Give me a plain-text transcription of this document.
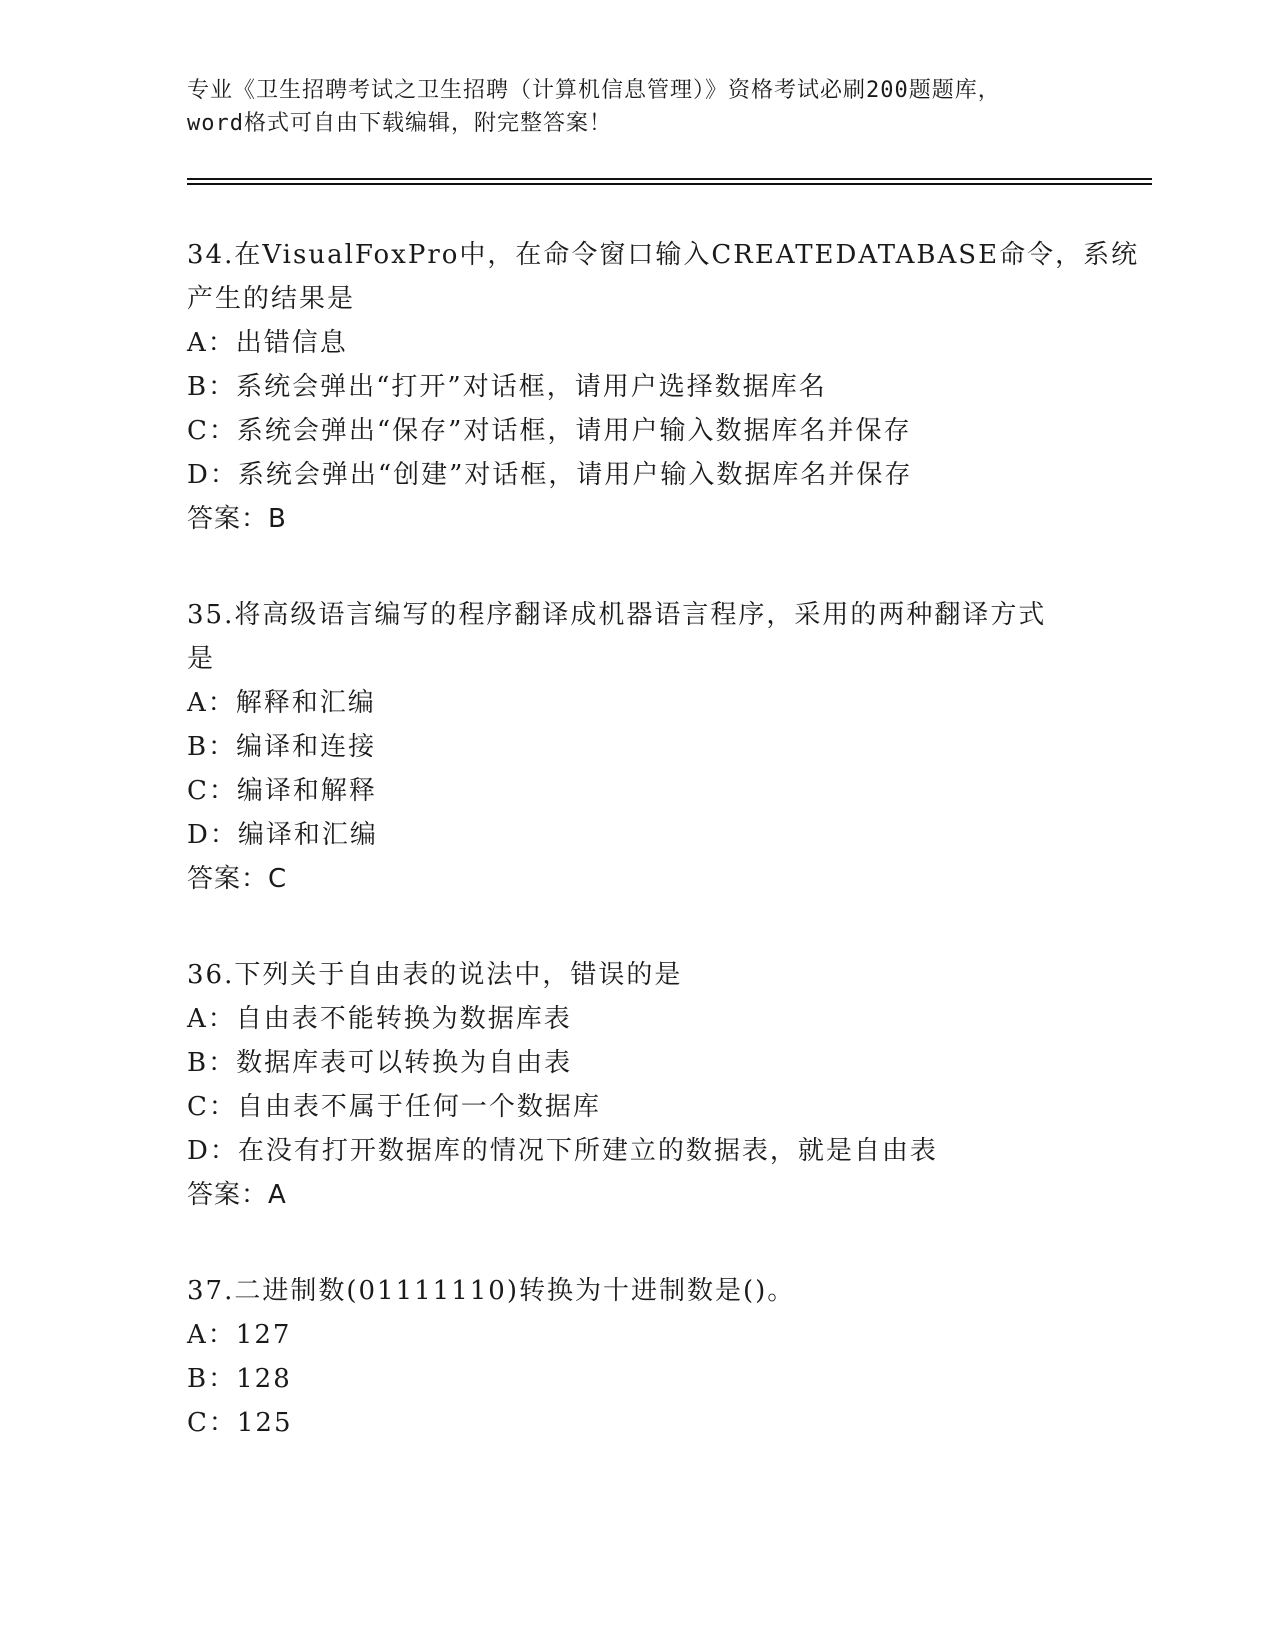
专业《卫生招聘考试之卫生招聘（计算机信息管理）》资格考试必刷200题题库，
word格式可自由下载编辑，附完整答案！
34.在VisualFoxPro中，在命令窗口输入CREATEDATABASE命令，系统
产生的结果是
A：出错信息
B：系统会弹出“打开”对话框，请用户选择数据库名
C：系统会弹出“保存”对话框，请用户输入数据库名并保存
D：系统会弹出“创建”对话框，请用户输入数据库名并保存
答案：B
35.将高级语言编写的程序翻译成机器语言程序，采用的两种翻译方式
是
A：解释和汇编
B：编译和连接
C：编译和解释
D：编译和汇编
答案：C
36.下列关于自由表的说法中，错误的是
A：自由表不能转换为数据库表
B：数据库表可以转换为自由表
C：自由表不属于任何一个数据库
D：在没有打开数据库的情况下所建立的数据表，就是自由表
答案：A
37.二进制数(01111110)转换为十进制数是()。
A：127
B：128
C：125
